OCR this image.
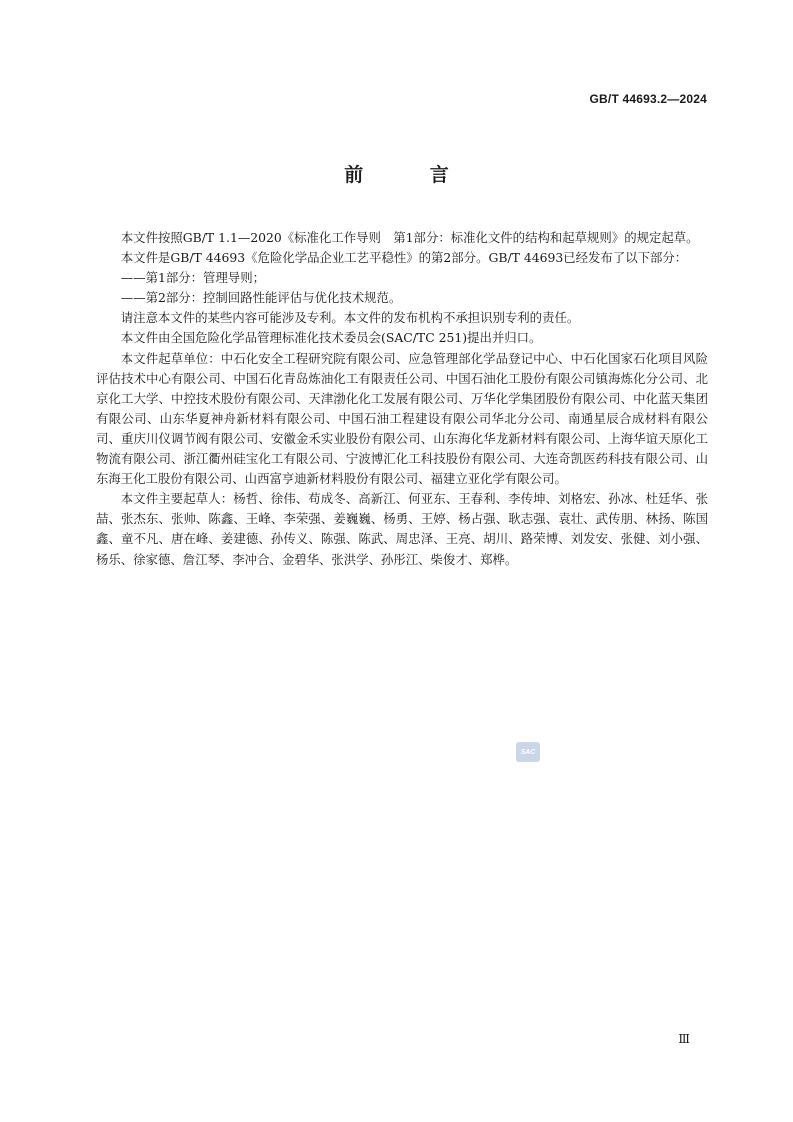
GB/T 44693.2—2024
前 言

本文件按照GB/T 1.1—2020《标准化工作导则　第1部分：标准化文件的结构和起草规则》的规定起草。

本文件是GB/T 44693《危险化学品企业工艺平稳性》的第2部分。GB/T 44693已经发布了以下部分：

——第1部分：管理导则；

——第2部分：控制回路性能评估与优化技术规范。

请注意本文件的某些内容可能涉及专利。本文件的发布机构不承担识别专利的责任。

本文件由全国危险化学品管理标准化技术委员会(SAC/TC 251)提出并归口。

本文件起草单位：中石化安全工程研究院有限公司、应急管理部化学品登记中心、中石化国家石化项目风险评估技术中心有限公司、中国石化青岛炼油化工有限责任公司、中国石油化工股份有限公司镇海炼化分公司、北京化工大学、中控技术股份有限公司、天津渤化化工发展有限公司、万华化学集团股份有限公司、中化蓝天集团有限公司、山东华夏神舟新材料有限公司、中国石油工程建设有限公司华北分公司、南通星辰合成材料有限公司、重庆川仪调节阀有限公司、安徽金禾实业股份有限公司、山东海化华龙新材料有限公司、上海华谊天原化工物流有限公司、浙江衢州硅宝化工有限公司、宁波博汇化工科技股份有限公司、大连奇凯医药科技有限公司、山东海王化工股份有限公司、山西富亨迪新材料股份有限公司、福建立亚化学有限公司。

本文件主要起草人：杨哲、徐伟、苟成冬、高新江、何亚东、王春利、李传坤、刘格宏、孙冰、杜廷华、张喆、张杰东、张帅、陈鑫、王峰、李荣强、姜巍巍、杨勇、王婷、杨占强、耿志强、袁壮、武传朋、林扬、陈国鑫、童不凡、唐在峰、姜建德、孙传义、陈强、陈武、周忠泽、王亮、胡川、路荣博、刘发安、张健、刘小强、杨乐、徐家德、詹江琴、李冲合、金碧华、张洪学、孙彤江、柴俊才、郑桦。

SAC
Ⅲ
